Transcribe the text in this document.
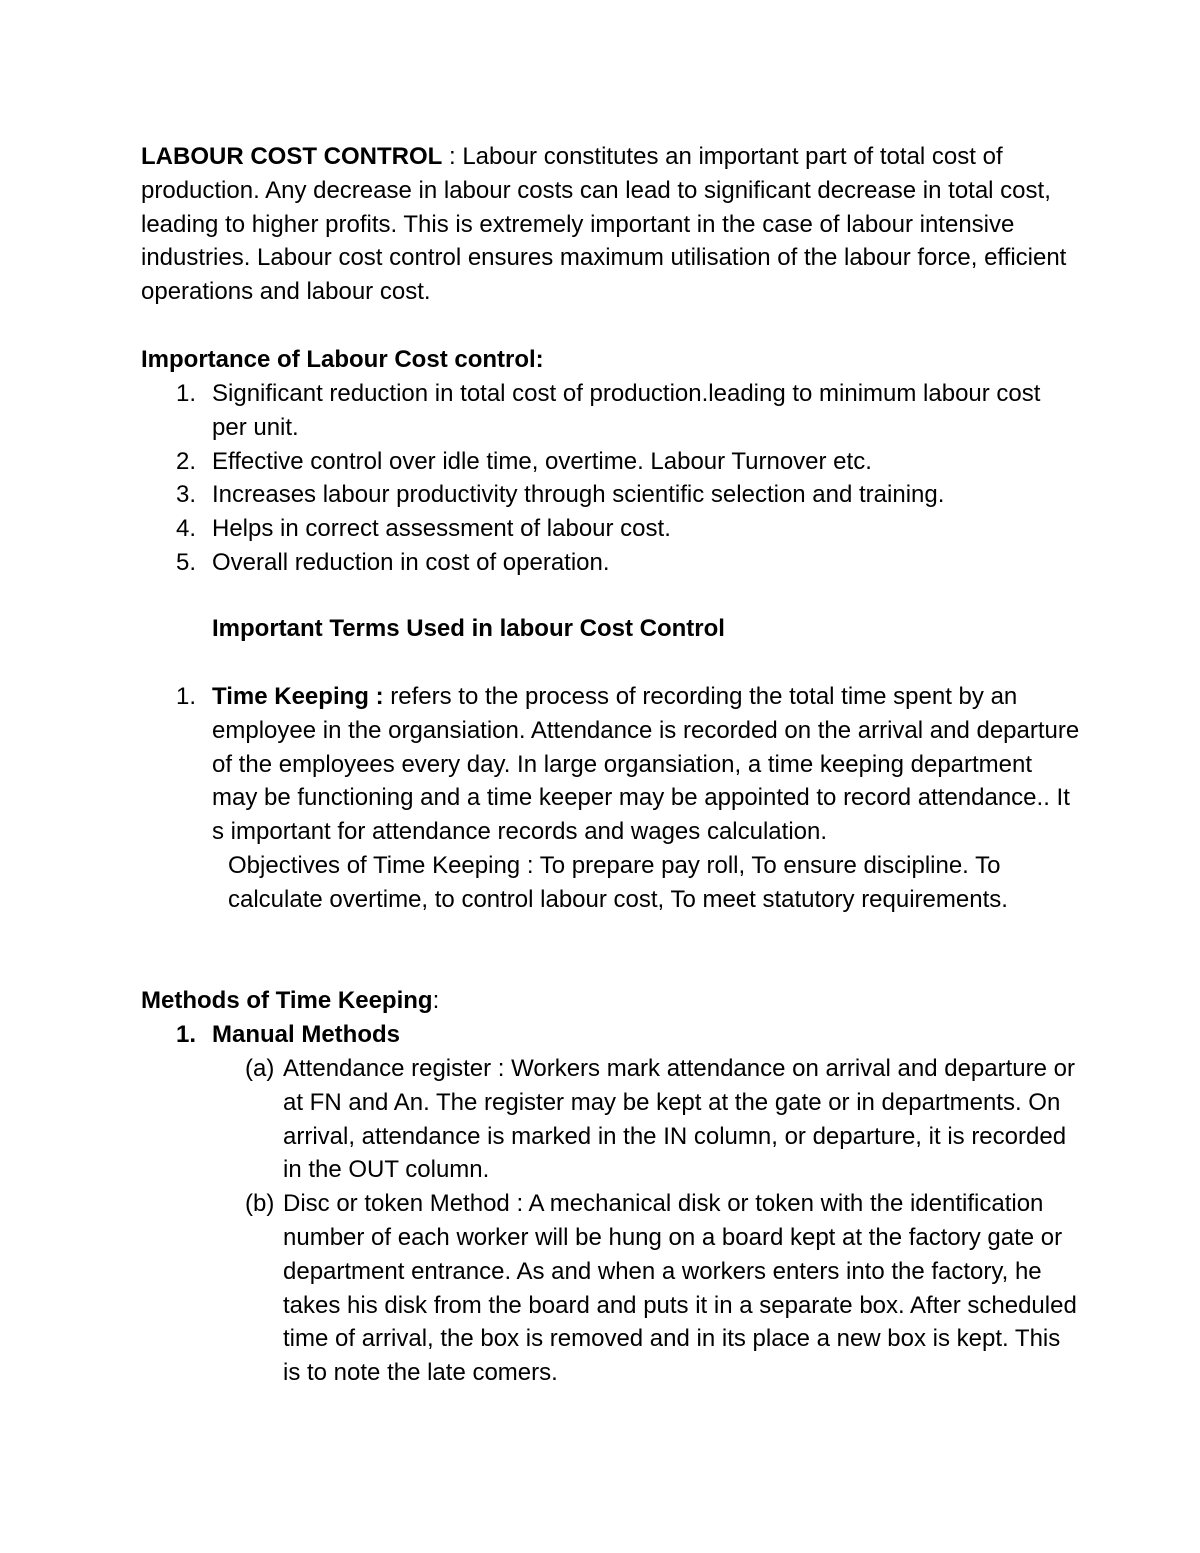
LABOUR COST CONTROL : Labour constitutes an important part of total cost of production. Any decrease in labour costs can lead to significant decrease in total cost, leading to higher profits. This is extremely important in the case of labour intensive industries. Labour cost control ensures maximum utilisation of the labour force, efficient operations and labour cost.

Importance of Labour Cost control:

1. Significant reduction in total cost of production.leading to minimum labour cost per unit.
2. Effective control over idle time, overtime. Labour Turnover etc.
3. Increases labour productivity through scientific selection and training.
4. Helps in correct assessment of labour cost.
5. Overall reduction in cost of operation.

Important Terms Used in labour Cost Control

1. Time Keeping : refers to the process of recording the total time spent by an employee in the organsiation. Attendance is recorded on the arrival and departure of the employees every day. In large organsiation, a time keeping department may be functioning and a time keeper may be appointed to record attendance.. It s important for attendance records and wages calculation.
Objectives of Time Keeping : To prepare pay roll, To ensure discipline. To calculate overtime, to control labour cost, To meet statutory requirements.

Methods of Time Keeping:

1. Manual Methods
(a) Attendance register : Workers mark attendance on arrival and departure or at FN and An. The register may be kept at the gate or in departments. On arrival, attendance is marked in the IN column, or departure, it is recorded in the OUT column.
(b) Disc or token Method : A mechanical disk or token with the identification number of each worker will be hung on a board kept at the factory gate or department entrance. As and when a workers enters into the factory, he takes his disk from the board and puts it in a separate box. After scheduled time of arrival, the box is removed and in its place a new box is kept. This is to note the late comers.
